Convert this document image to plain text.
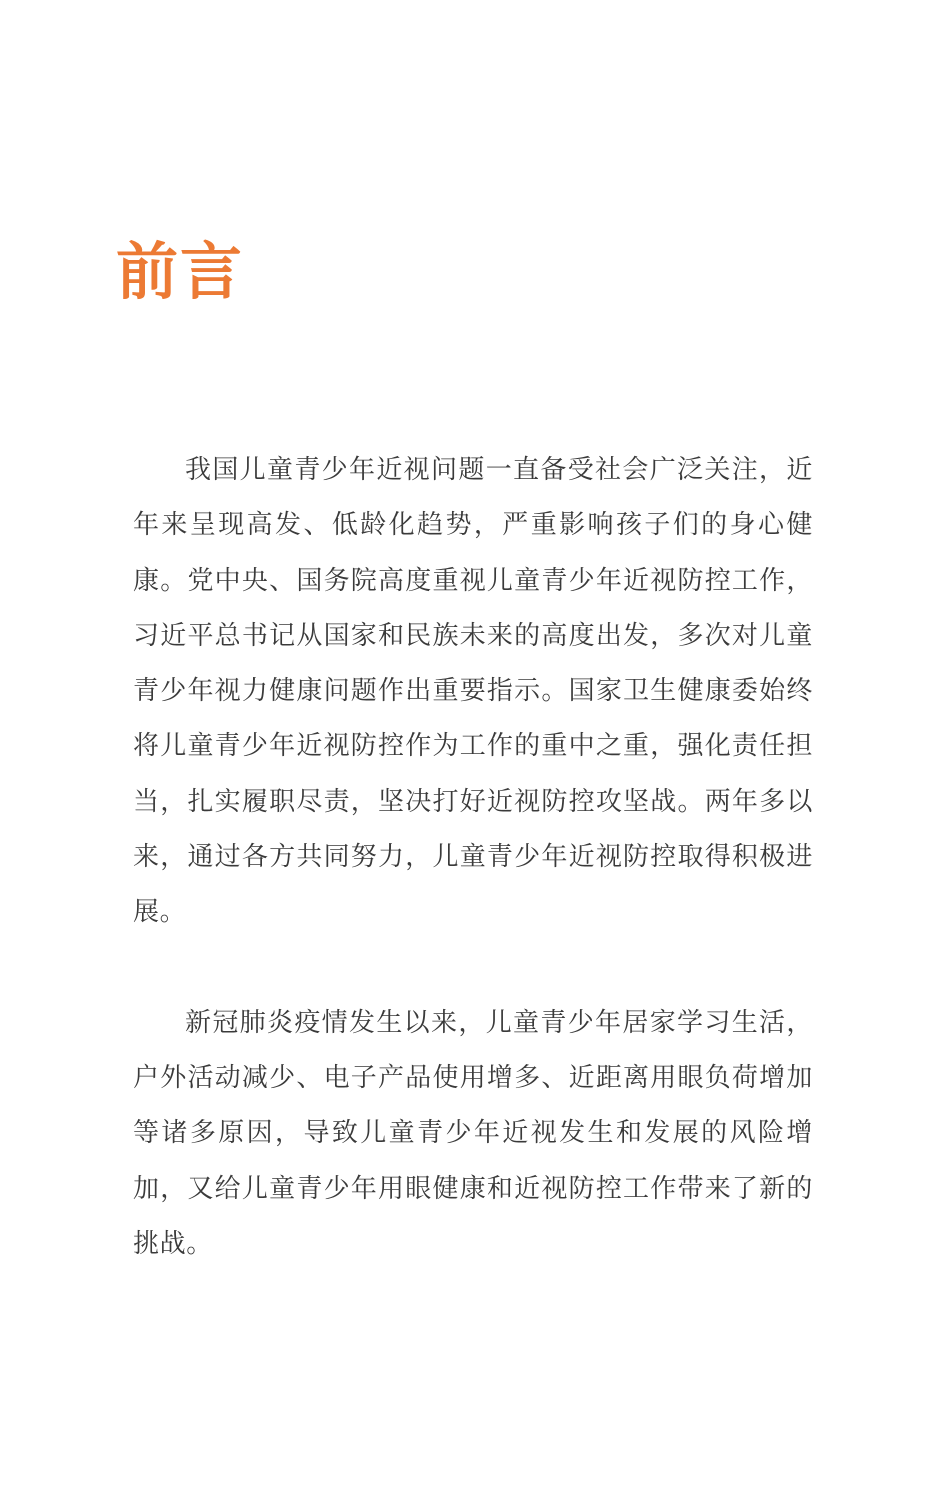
前言

我国儿童青少年近视问题一直备受社会广泛关注，近年来呈现高发、低龄化趋势，严重影响孩子们的身心健康。党中央、国务院高度重视儿童青少年近视防控工作，习近平总书记从国家和民族未来的高度出发，多次对儿童青少年视力健康问题作出重要指示。国家卫生健康委始终将儿童青少年近视防控作为工作的重中之重，强化责任担当，扎实履职尽责，坚决打好近视防控攻坚战。两年多以来，通过各方共同努力，儿童青少年近视防控取得积极进展。

新冠肺炎疫情发生以来，儿童青少年居家学习生活，户外活动减少、电子产品使用增多、近距离用眼负荷增加等诸多原因，导致儿童青少年近视发生和发展的风险增加，又给儿童青少年用眼健康和近视防控工作带来了新的挑战。
